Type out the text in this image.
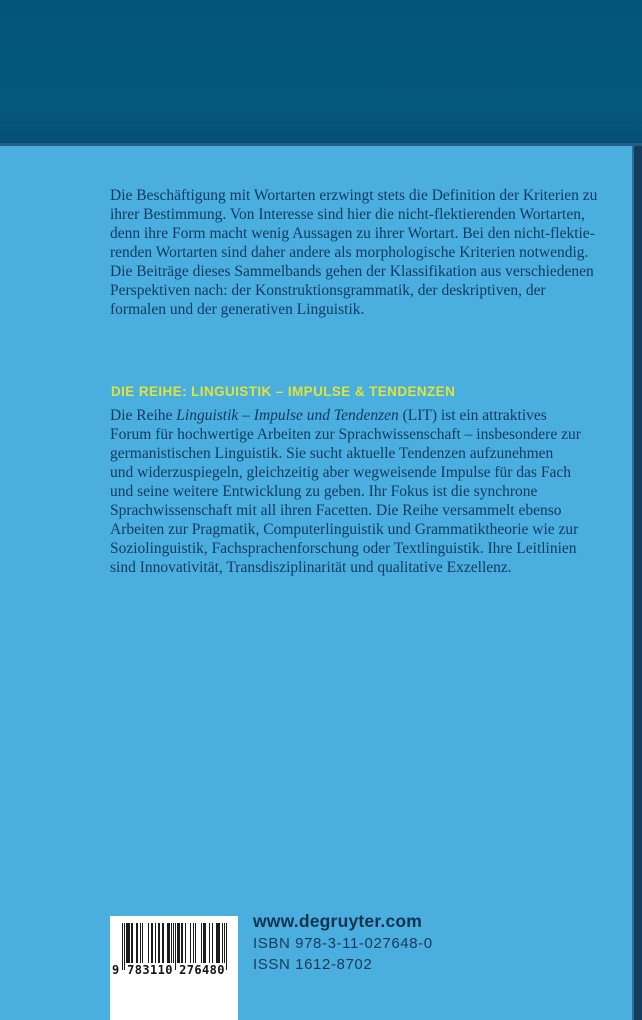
Die Beschäftigung mit Wortarten erzwingt stets die Definition der Kriterien zu
ihrer Bestimmung. Von Interesse sind hier die nicht-flektierenden Wortarten,
denn ihre Form macht wenig Aussagen zu ihrer Wortart. Bei den nicht-flektie-
renden Wortarten sind daher andere als morphologische Kriterien notwendig.
Die Beiträge dieses Sammelbands gehen der Klassifikation aus verschiedenen
Perspektiven nach: der Konstruktionsgrammatik, der deskriptiven, der
formalen und der generativen Linguistik.
DIE REIHE: LINGUISTIK – IMPULSE & TENDENZEN
Die Reihe Linguistik – Impulse und Tendenzen (LIT) ist ein attraktives
Forum für hochwertige Arbeiten zur Sprachwissenschaft – insbesondere zur
germanistischen Linguistik. Sie sucht aktuelle Tendenzen aufzunehmen
und widerzuspiegeln, gleichzeitig aber wegweisende Impulse für das Fach
und seine weitere Entwicklung zu geben. Ihr Fokus ist die synchrone
Sprachwissenschaft mit all ihren Facetten. Die Reihe versammelt ebenso
Arbeiten zur Pragmatik, Computerlinguistik und Grammatiktheorie wie zur
Soziolinguistik, Fachsprachenforschung oder Textlinguistik. Ihre Leitlinien
sind Innovativität, Transdisziplinarität und qualitative Exzellenz.
9 783110 276480
www.degruyter.com
ISBN 978-3-11-027648-0
ISSN 1612-8702
